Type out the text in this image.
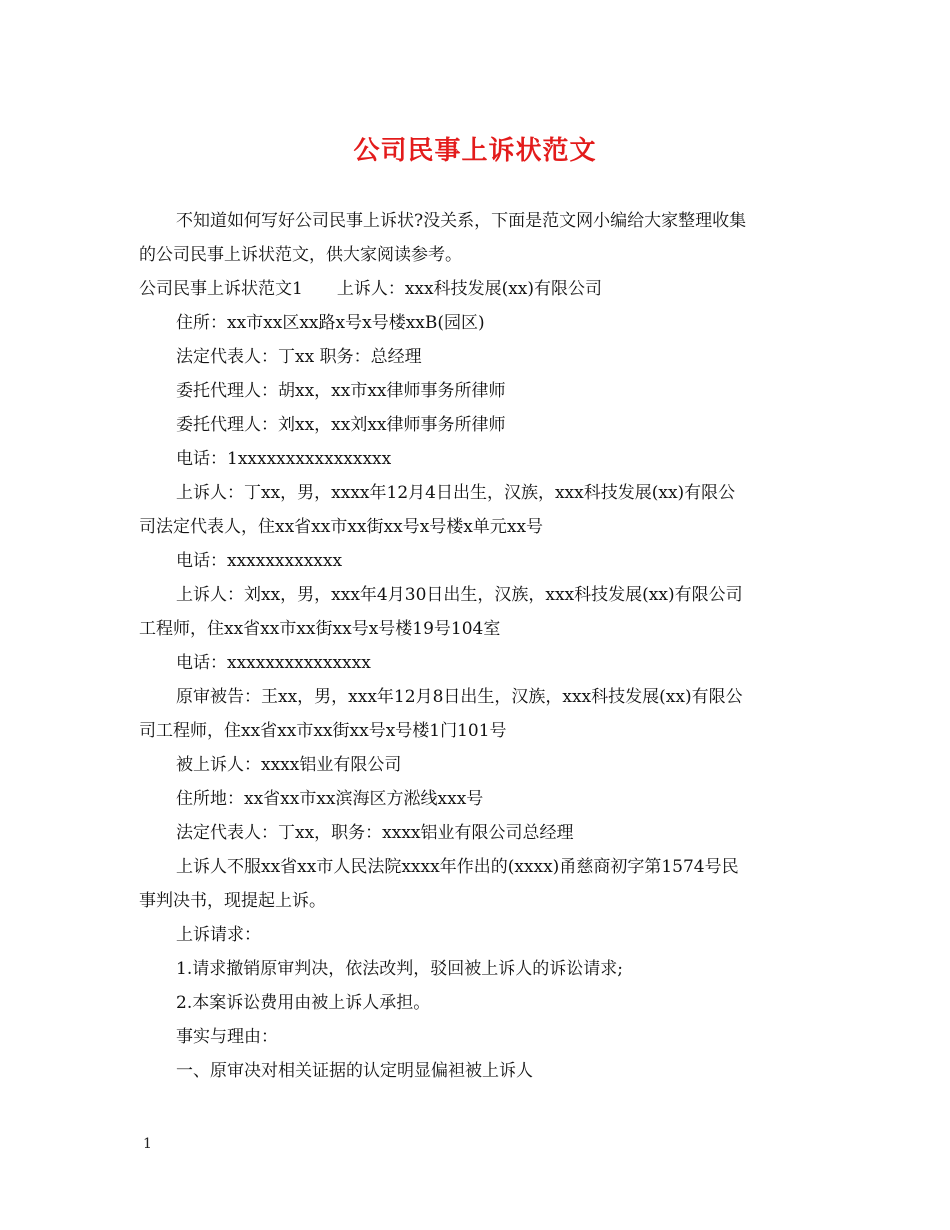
公司民事上诉状范文
不知道如何写好公司民事上诉状?没关系，下面是范文网小编给大家整理收集
的公司民事上诉状范文，供大家阅读参考。
公司民事上诉状范文1　　上诉人：xxx科技发展(xx)有限公司
住所：xx市xx区xx路x号x号楼xxB(园区)
法定代表人：丁xx 职务：总经理
委托代理人：胡xx，xx市xx律师事务所律师
委托代理人：刘xx，xx刘xx律师事务所律师
电话：1xxxxxxxxxxxxxxxx
上诉人：丁xx，男，xxxx年12月4日出生，汉族，xxx科技发展(xx)有限公
司法定代表人，住xx省xx市xx街xx号x号楼x单元xx号
电话：xxxxxxxxxxxx
上诉人：刘xx，男，xxx年4月30日出生，汉族，xxx科技发展(xx)有限公司
工程师，住xx省xx市xx街xx号x号楼19号104室
电话：xxxxxxxxxxxxxxx
原审被告：王xx，男，xxx年12月8日出生，汉族，xxx科技发展(xx)有限公
司工程师，住xx省xx市xx街xx号x号楼1门101号
被上诉人：xxxx铝业有限公司
住所地：xx省xx市xx滨海区方淞线xxx号
法定代表人：丁xx，职务：xxxx铝业有限公司总经理
上诉人不服xx省xx市人民法院xxxx年作出的(xxxx)甬慈商初字第1574号民
事判决书，现提起上诉。
上诉请求：
1.请求撤销原审判决，依法改判，驳回被上诉人的诉讼请求;
2.本案诉讼费用由被上诉人承担。
事实与理由：
一、原审决对相关证据的认定明显偏袒被上诉人
1
